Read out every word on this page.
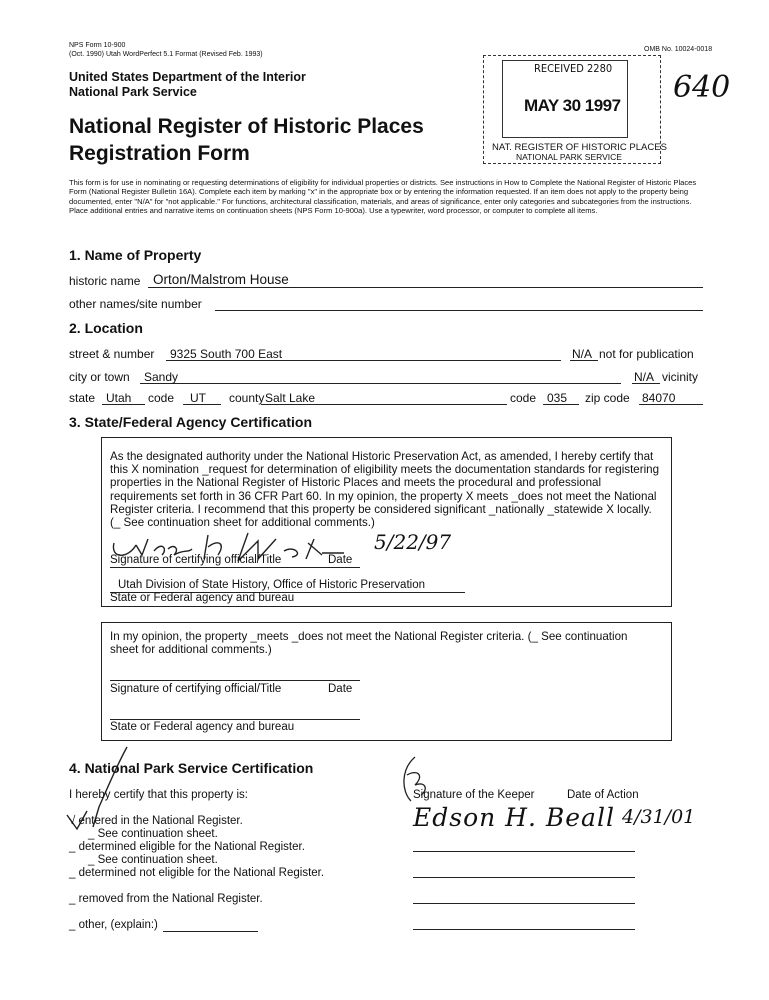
NPS Form 10-900
(Oct. 1990) Utah WordPerfect 5.1 Format (Revised Feb. 1993)
OMB No. 10024-0018
United States Department of the Interior
National Park Service
National Register of Historic Places
Registration Form
RECEIVED 2280
MAY 30 1997
NAT. REGISTER OF HISTORIC PLACES
NATIONAL PARK SERVICE
640
This form is for use in nominating or requesting determinations of eligibility for individual properties or districts. See instructions in How to Complete the National Register of Historic Places Form (National Register Bulletin 16A). Complete each item by marking "x" in the appropriate box or by entering the information requested. If an item does not apply to the property being documented, enter "N/A" for "not applicable." For functions, architectural classification, materials, and areas of significance, enter only categories and subcategories from the instructions. Place additional entries and narrative items on continuation sheets (NPS Form 10-900a). Use a typewriter, word processor, or computer to complete all items.
1. Name of Property
historic name Orton/Malstrom House
other names/site number
2. Location
street & number 9325 South 700 East	N/A not for publication
city or town Sandy	N/A vicinity
state Utah code UT county Salt Lake	code 035 zip code 84070
3. State/Federal Agency Certification
As the designated authority under the National Historic Preservation Act, as amended, I hereby certify that this X nomination _request for determination of eligibility meets the documentation standards for registering properties in the National Register of Historic Places and meets the procedural and professional requirements set forth in 36 CFR Part 60. In my opinion, the property X meets _does not meet the National Register criteria. I recommend that this property be considered significant _nationally _statewide X locally. (_ See continuation sheet for additional comments.)
5/22/97
Signature of certifying official/Title	Date
Utah Division of State History, Office of Historic Preservation
State or Federal agency and bureau
In my opinion, the property _meets _does not meet the National Register criteria. (_ See continuation sheet for additional comments.)
Signature of certifying official/Title	Date
State or Federal agency and bureau
4. National Park Service Certification
I hereby certify that this property is:	Signature of the Keeper	Date of Action
Edson H. Beall 4/31/01
√ entered in the National Register.
_ See continuation sheet.
_ determined eligible for the National Register.
_ See continuation sheet.
_ determined not eligible for the National Register.
_ removed from the National Register.
_ other, (explain:)
